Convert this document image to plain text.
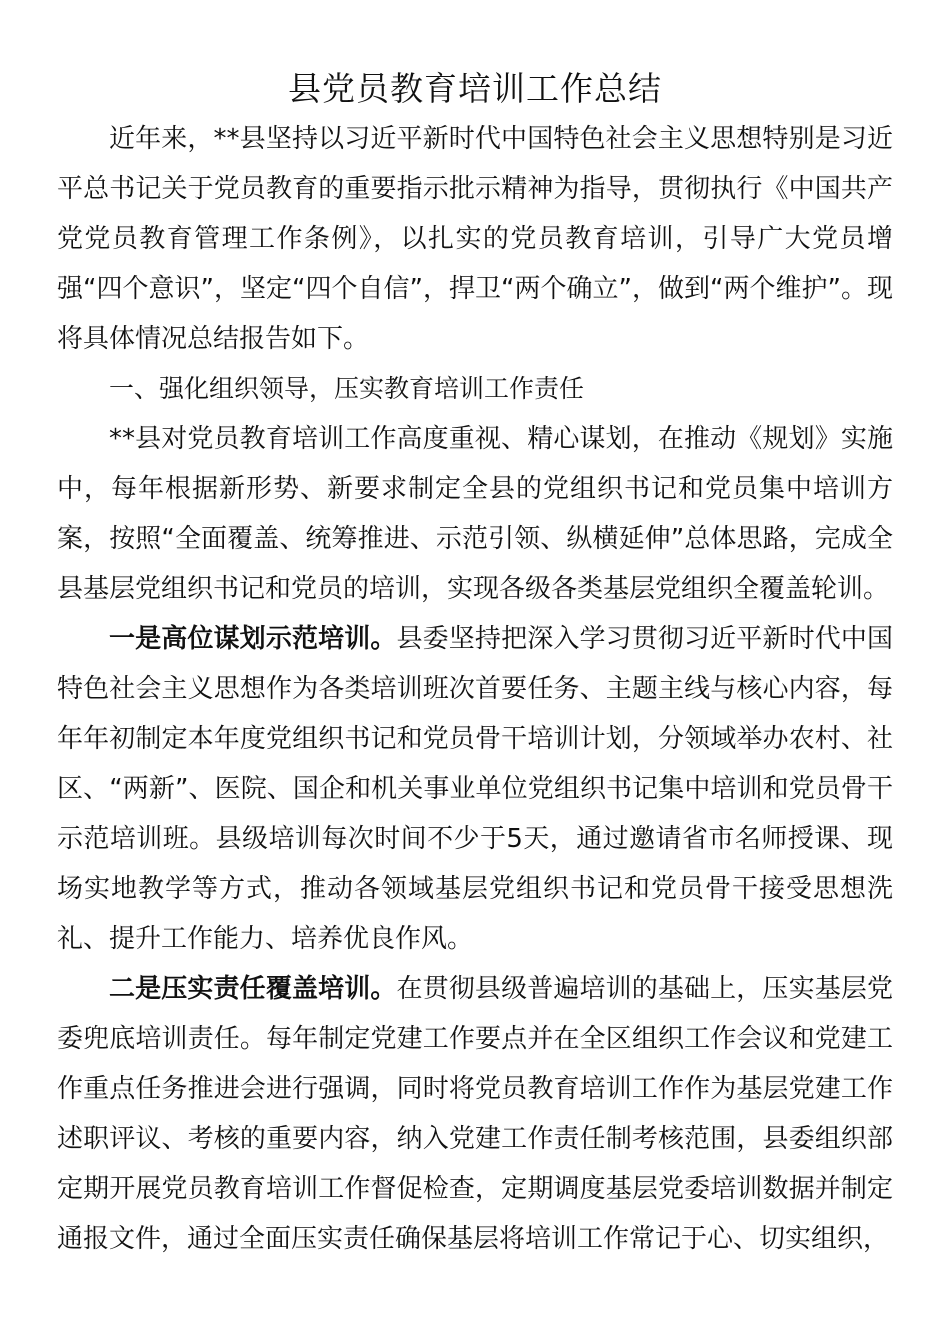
县党员教育培训工作总结

近年来，**县坚持以习近平新时代中国特色社会主义思想特别是习近平总书记关于党员教育的重要指示批示精神为指导，贯彻执行《中国共产党党员教育管理工作条例》，以扎实的党员教育培训，引导广大党员增强“四个意识”，坚定“四个自信”，捍卫“两个确立”，做到“两个维护”。现将具体情况总结报告如下。

一、强化组织领导，压实教育培训工作责任

**县对党员教育培训工作高度重视、精心谋划，在推动《规划》实施中，每年根据新形势、新要求制定全县的党组织书记和党员集中培训方案，按照“全面覆盖、统筹推进、示范引领、纵横延伸”总体思路，完成全县基层党组织书记和党员的培训，实现各级各类基层党组织全覆盖轮训。

一是高位谋划示范培训。县委坚持把深入学习贯彻习近平新时代中国特色社会主义思想作为各类培训班次首要任务、主题主线与核心内容，每年年初制定本年度党组织书记和党员骨干培训计划，分领域举办农村、社区、“两新”、医院、国企和机关事业单位党组织书记集中培训和党员骨干示范培训班。县级培训每次时间不少于5天，通过邀请省市名师授课、现场实地教学等方式，推动各领域基层党组织书记和党员骨干接受思想洗礼、提升工作能力、培养优良作风。

二是压实责任覆盖培训。在贯彻县级普遍培训的基础上，压实基层党委兜底培训责任。每年制定党建工作要点并在全区组织工作会议和党建工作重点任务推进会进行强调，同时将党员教育培训工作作为基层党建工作述职评议、考核的重要内容，纳入党建工作责任制考核范围，县委组织部定期开展党员教育培训工作督促检查，定期调度基层党委培训数据并制定通报文件，通过全面压实责任确保基层将培训工作常记于心、切实组织，
